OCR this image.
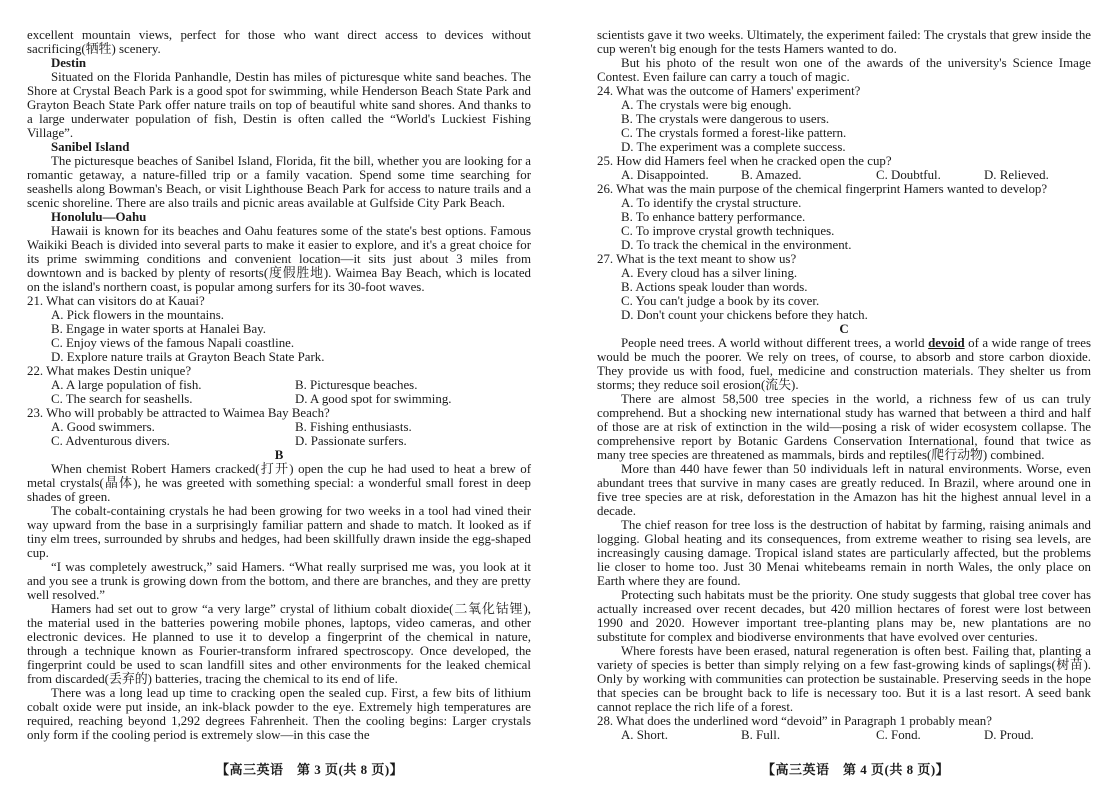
excellent mountain views, perfect for those who want direct access to devices without sacrificing(牺牲) scenery.

Destin

Situated on the Florida Panhandle, Destin has miles of picturesque white sand beaches. The Shore at Crystal Beach Park is a good spot for swimming, while Henderson Beach State Park and Grayton Beach State Park offer nature trails on top of beautiful white sand shores. And thanks to a large underwater population of fish, Destin is often called the “World's Luckiest Fishing Village”.

Sanibel Island

The picturesque beaches of Sanibel Island, Florida, fit the bill, whether you are looking for a romantic getaway, a nature-filled trip or a family vacation. Spend some time searching for seashells along Bowman's Beach, or visit Lighthouse Beach Park for access to nature trails and a scenic shoreline. There are also trails and picnic areas available at Gulfside City Park Beach.

Honolulu—Oahu

Hawaii is known for its beaches and Oahu features some of the state's best options. Famous Waikiki Beach is divided into several parts to make it easier to explore, and it's a great choice for its prime swimming conditions and convenient location—it sits just about 3 miles from downtown and is backed by plenty of resorts(度假胜地). Waimea Bay Beach, which is located on the island's northern coast, is popular among surfers for its 30-foot waves.

21. What can visitors do at Kauai?
A. Pick flowers in the mountains.
B. Engage in water sports at Hanalei Bay.
C. Enjoy views of the famous Napali coastline.
D. Explore nature trails at Grayton Beach State Park.
22. What makes Destin unique?
A. A large population of fish.	B. Picturesque beaches.
C. The search for seashells.	D. A good spot for swimming.
23. Who will probably be attracted to Waimea Bay Beach?
A. Good swimmers.	B. Fishing enthusiasts.
C. Adventurous divers.	D. Passionate surfers.
B

When chemist Robert Hamers cracked(打开) open the cup he had used to heat a brew of metal crystals(晶体), he was greeted with something special: a wonderful small forest in deep shades of green.

The cobalt-containing crystals he had been growing for two weeks in a tool had vined their way upward from the base in a surprisingly familiar pattern and shade to match. It looked as if tiny elm trees, surrounded by shrubs and hedges, had been skillfully drawn inside the egg-shaped cup.

“I was completely awestruck,” said Hamers. “What really surprised me was, you look at it and you see a trunk is growing down from the bottom, and there are branches, and they are pretty well resolved.”

Hamers had set out to grow “a very large” crystal of lithium cobalt dioxide(二氧化钴锂), the material used in the batteries powering mobile phones, laptops, video cameras, and other electronic devices. He planned to use it to develop a fingerprint of the chemical in nature, through a technique known as Fourier-transform infrared spectroscopy. Once developed, the fingerprint could be used to scan landfill sites and other environments for the leaked chemical from discarded(丢弃的) batteries, tracing the chemical to its end of life.

There was a long lead up time to cracking open the sealed cup. First, a few bits of lithium cobalt oxide were put inside, an ink-black powder to the eye. Extremely high temperatures are required, reaching beyond 1,292 degrees Fahrenheit. Then the cooling begins: Larger crystals only form if the cooling period is extremely slow—in this case the

scientists gave it two weeks. Ultimately, the experiment failed: The crystals that grew inside the cup weren't big enough for the tests Hamers wanted to do.

But his photo of the result won one of the awards of the university's Science Image Contest. Even failure can carry a touch of magic.

24. What was the outcome of Hamers' experiment?
A. The crystals were big enough.
B. The crystals were dangerous to users.
C. The crystals formed a forest-like pattern.
D. The experiment was a complete success.
25. How did Hamers feel when he cracked open the cup?
A. Disappointed.	B. Amazed.	C. Doubtful.	D. Relieved.
26. What was the main purpose of the chemical fingerprint Hamers wanted to develop?
A. To identify the crystal structure.
B. To enhance battery performance.
C. To improve crystal growth techniques.
D. To track the chemical in the environment.
27. What is the text meant to show us?
A. Every cloud has a silver lining.
B. Actions speak louder than words.
C. You can't judge a book by its cover.
D. Don't count your chickens before they hatch.
C

People need trees. A world without different trees, a world devoid of a wide range of trees would be much the poorer. We rely on trees, of course, to absorb and store carbon dioxide. They provide us with food, fuel, medicine and construction materials. They shelter us from storms; they reduce soil erosion(流失).

There are almost 58,500 tree species in the world, a richness few of us can truly comprehend. But a shocking new international study has warned that between a third and half of those are at risk of extinction in the wild—posing a risk of wider ecosystem collapse. The comprehensive report by Botanic Gardens Conservation International, found that twice as many tree species are threatened as mammals, birds and reptiles(爬行动物) combined.

More than 440 have fewer than 50 individuals left in natural environments. Worse, even abundant trees that survive in many cases are greatly reduced. In Brazil, where around one in five tree species are at risk, deforestation in the Amazon has hit the highest annual level in a decade.

The chief reason for tree loss is the destruction of habitat by farming, raising animals and logging. Global heating and its consequences, from extreme weather to rising sea levels, are increasingly causing damage. Tropical island states are particularly affected, but the problems lie closer to home too. Just 30 Menai whitebeams remain in north Wales, the only place on Earth where they are found.

Protecting such habitats must be the priority. One study suggests that global tree cover has actually increased over recent decades, but 420 million hectares of forest were lost between 1990 and 2020. However important tree-planting plans may be, new plantations are no substitute for complex and biodiverse environments that have evolved over centuries.

Where forests have been erased, natural regeneration is often best. Failing that, planting a variety of species is better than simply relying on a few fast-growing kinds of saplings(树苗). Only by working with communities can protection be sustainable. Preserving seeds in the hope that species can be brought back to life is necessary too. But it is a last resort. A seed bank cannot replace the rich life of a forest.

28. What does the underlined word “devoid” in Paragraph 1 probably mean?
A. Short.	B. Full.	C. Fond.	D. Proud.
【高三英语　第 3 页(共 8 页)】	【高三英语　第 4 页(共 8 页)】
